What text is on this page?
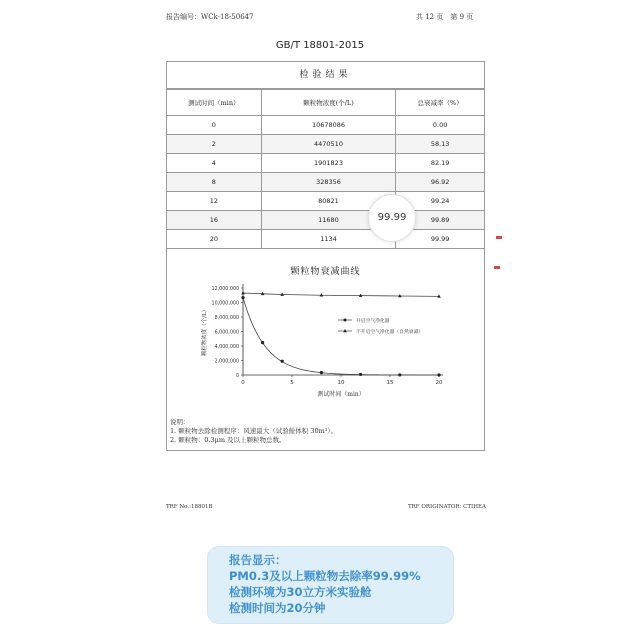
报告编号：WCk-18-50647	共 12 页　第 9 页
GB/T 18801-2015
检验结果
测试时间（min）	颗粒物浓度(个/L)	总衰减率（%）
0	10678086	0.00
2	4470510	58.13
4	1901823	82.19
8	328356	96.92
12	80821	99.24
16	11680	99.89
20	1134	99.99
99.99
颗粒物衰减曲线
0
2,000,000
4,000,000
6,000,000
8,000,000
10,000,000
12,000,000
0	5	10	15	20
测试时间（min）
颗粒物浓度（个/L）	开启空气净化器
不开启空气净化器（自然衰减）
说明：
1. 颗粒物去除检测程序：风速最大（试验舱体积 30m³）。
2. 颗粒物：0.3μm 及以上颗粒物总数。
TRF No.:18801B	TRF ORIGINATOR: CTIHEA
报告显示：
PM0.3及以上颗粒物去除率99.99%
检测环境为30立方米实验舱
检测时间为20分钟
